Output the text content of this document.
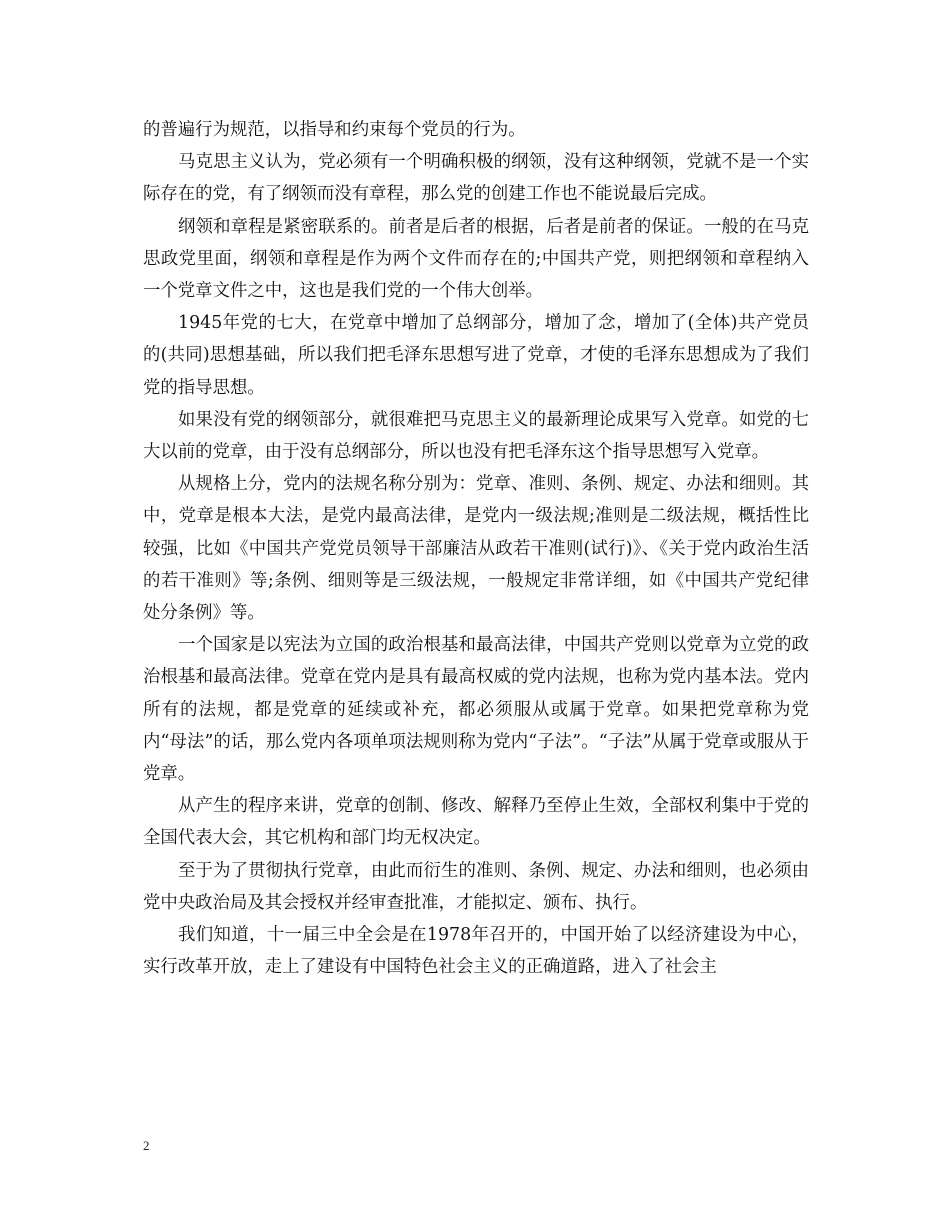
的普遍行为规范，以指导和约束每个党员的行为。

马克思主义认为，党必须有一个明确积极的纲领，没有这种纲领，党就不是一个实际存在的党，有了纲领而没有章程，那么党的创建工作也不能说最后完成。

纲领和章程是紧密联系的。前者是后者的根据，后者是前者的保证。一般的在马克思政党里面，纲领和章程是作为两个文件而存在的;中国共产党，则把纲领和章程纳入一个党章文件之中，这也是我们党的一个伟大创举。

1945年党的七大，在党章中增加了总纲部分，增加了念，增加了(全体)共产党员的(共同)思想基础，所以我们把毛泽东思想写进了党章，才使的毛泽东思想成为了我们党的指导思想。

如果没有党的纲领部分，就很难把马克思主义的最新理论成果写入党章。如党的七大以前的党章，由于没有总纲部分，所以也没有把毛泽东这个指导思想写入党章。

从规格上分，党内的法规名称分别为：党章、准则、条例、规定、办法和细则。其中，党章是根本大法，是党内最高法律，是党内一级法规;准则是二级法规，概括性比较强，比如《中国共产党党员领导干部廉洁从政若干准则(试行)》、《关于党内政治生活的若干准则》等;条例、细则等是三级法规，一般规定非常详细，如《中国共产党纪律处分条例》等。

一个国家是以宪法为立国的政治根基和最高法律，中国共产党则以党章为立党的政治根基和最高法律。党章在党内是具有最高权威的党内法规，也称为党内基本法。党内所有的法规，都是党章的延续或补充，都必须服从或属于党章。如果把党章称为党内“母法”的话，那么党内各项单项法规则称为党内“子法”。“子法”从属于党章或服从于党章。

从产生的程序来讲，党章的创制、修改、解释乃至停止生效，全部权利集中于党的全国代表大会，其它机构和部门均无权决定。

至于为了贯彻执行党章，由此而衍生的准则、条例、规定、办法和细则，也必须由党中央政治局及其会授权并经审查批准，才能拟定、颁布、执行。

我们知道，十一届三中全会是在1978年召开的，中国开始了以经济建设为中心，实行改革开放，走上了建设有中国特色社会主义的正确道路，进入了社会主

2
